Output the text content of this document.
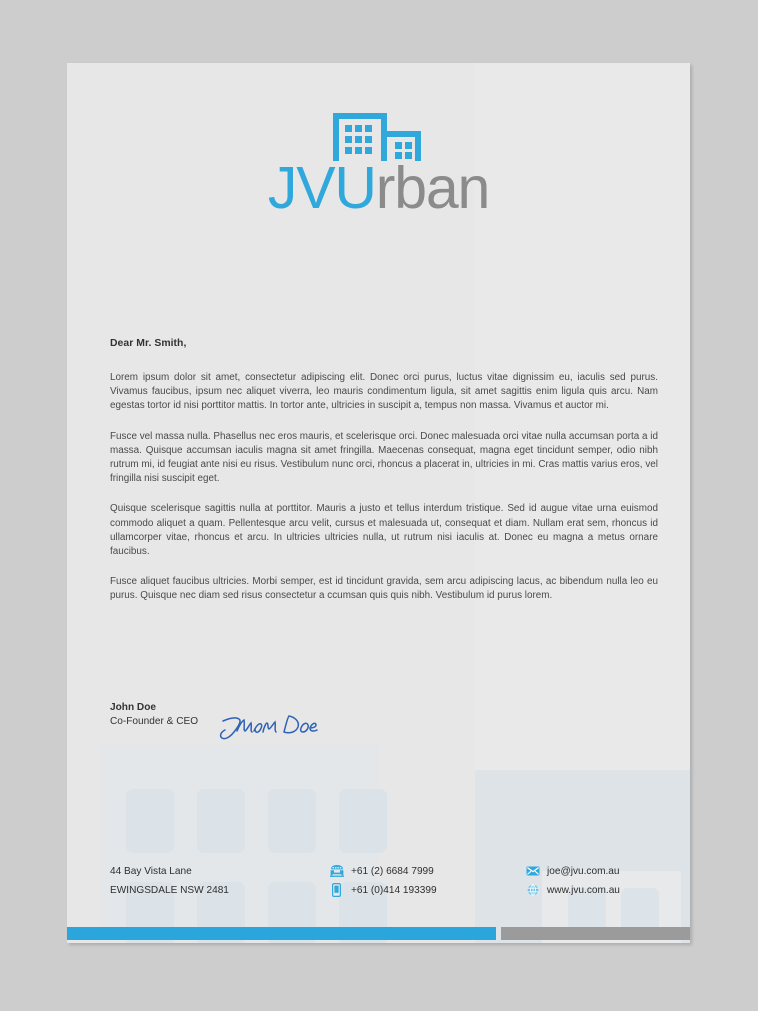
JVUrban
Dear Mr. Smith,

Lorem ipsum dolor sit amet, consectetur adipiscing elit. Donec orci purus, luctus vitae dignissim eu, iaculis sed purus. Vivamus faucibus, ipsum nec aliquet viverra, leo mauris condimentum ligula, sit amet sagittis enim ligula quis arcu. Nam egestas tortor id nisi porttitor mattis. In tortor ante, ultricies in suscipit a, tempus non massa. Vivamus et auctor mi.

Fusce vel massa nulla. Phasellus nec eros mauris, et scelerisque orci. Donec malesuada orci vitae nulla accumsan porta a id massa. Quisque accumsan iaculis magna sit amet fringilla. Maecenas consequat, magna eget tincidunt semper, odio nibh rutrum mi, id feugiat ante nisi eu risus. Vestibulum nunc orci, rhoncus a placerat in, ultricies in mi. Cras mattis varius eros, vel fringilla nisi suscipit eget.

Quisque scelerisque sagittis nulla at porttitor. Mauris a justo et tellus interdum tristique. Sed id augue vitae urna euismod commodo aliquet a quam. Pellentesque arcu velit, cursus et malesuada ut, consequat et diam. Nullam erat sem, rhoncus id ullamcorper vitae, rhoncus et arcu. In ultricies ultricies nulla, ut rutrum nisi iaculis at. Donec eu magna a metus ornare faucibus.

Fusce aliquet faucibus ultricies. Morbi semper, est id tincidunt gravida, sem arcu adipiscing lacus, ac bibendum nulla leo eu purus. Quisque nec diam sed risus consectetur a ccumsan quis quis nibh. Vestibulum id purus lorem.

John Doe
Co-Founder & CEO
44 Bay Vista Lane
EWINGSDALE NSW 2481
+61 (2) 6684 7999
+61 (0)414 193399
joe@jvu.com.au
www.jvu.com.au
